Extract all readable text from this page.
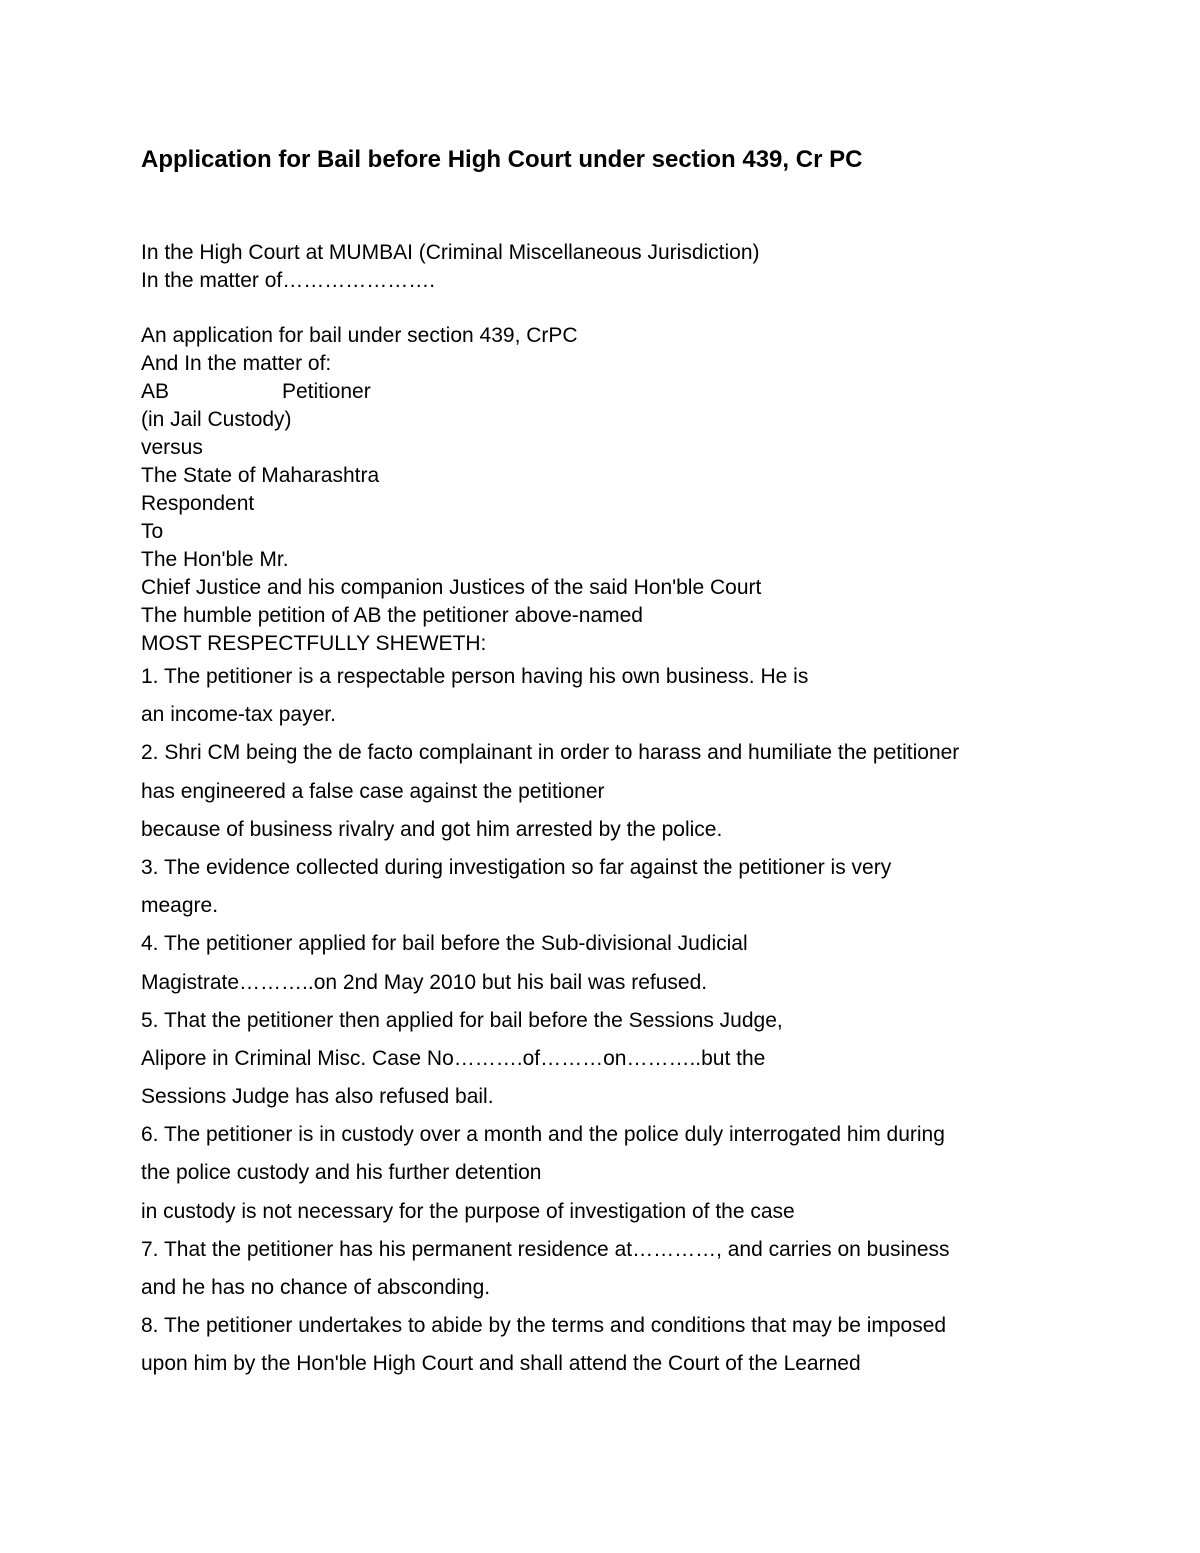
Application for Bail before High Court under section 439, Cr PC
In the High Court at MUMBAI (Criminal Miscellaneous Jurisdiction)
In the matter of………………….
An application for bail under section 439, CrPC
And In the matter of:
AB	Petitioner
(in Jail Custody)
versus
The State of Maharashtra
Respondent
To
The Hon'ble Mr.
Chief Justice and his companion Justices of the said Hon'ble Court
The humble petition of AB the petitioner above-named
MOST RESPECTFULLY SHEWETH:
1. The petitioner is a respectable person having his own business. He is
an income-tax payer.
2. Shri CM being the de facto complainant in order to harass and humiliate the petitioner
has engineered a false case against the petitioner
because of business rivalry and got him arrested by the police.
3. The evidence collected during investigation so far against the petitioner is very
meagre.
4. The petitioner applied for bail before the Sub-divisional Judicial
Magistrate………..on 2nd May 2010 but his bail was refused.
5. That the petitioner then applied for bail before the Sessions Judge,
Alipore in Criminal Misc. Case No……….of………on………..but the
Sessions Judge has also refused bail.
6. The petitioner is in custody over a month and the police duly interrogated him during
the police custody and his further detention
in custody is not necessary for the purpose of investigation of the case
7. That the petitioner has his permanent residence at…………, and carries on business
and he has no chance of absconding.
8. The petitioner undertakes to abide by the terms and conditions that may be imposed
upon him by the Hon'ble High Court and shall attend the Court of the Learned
